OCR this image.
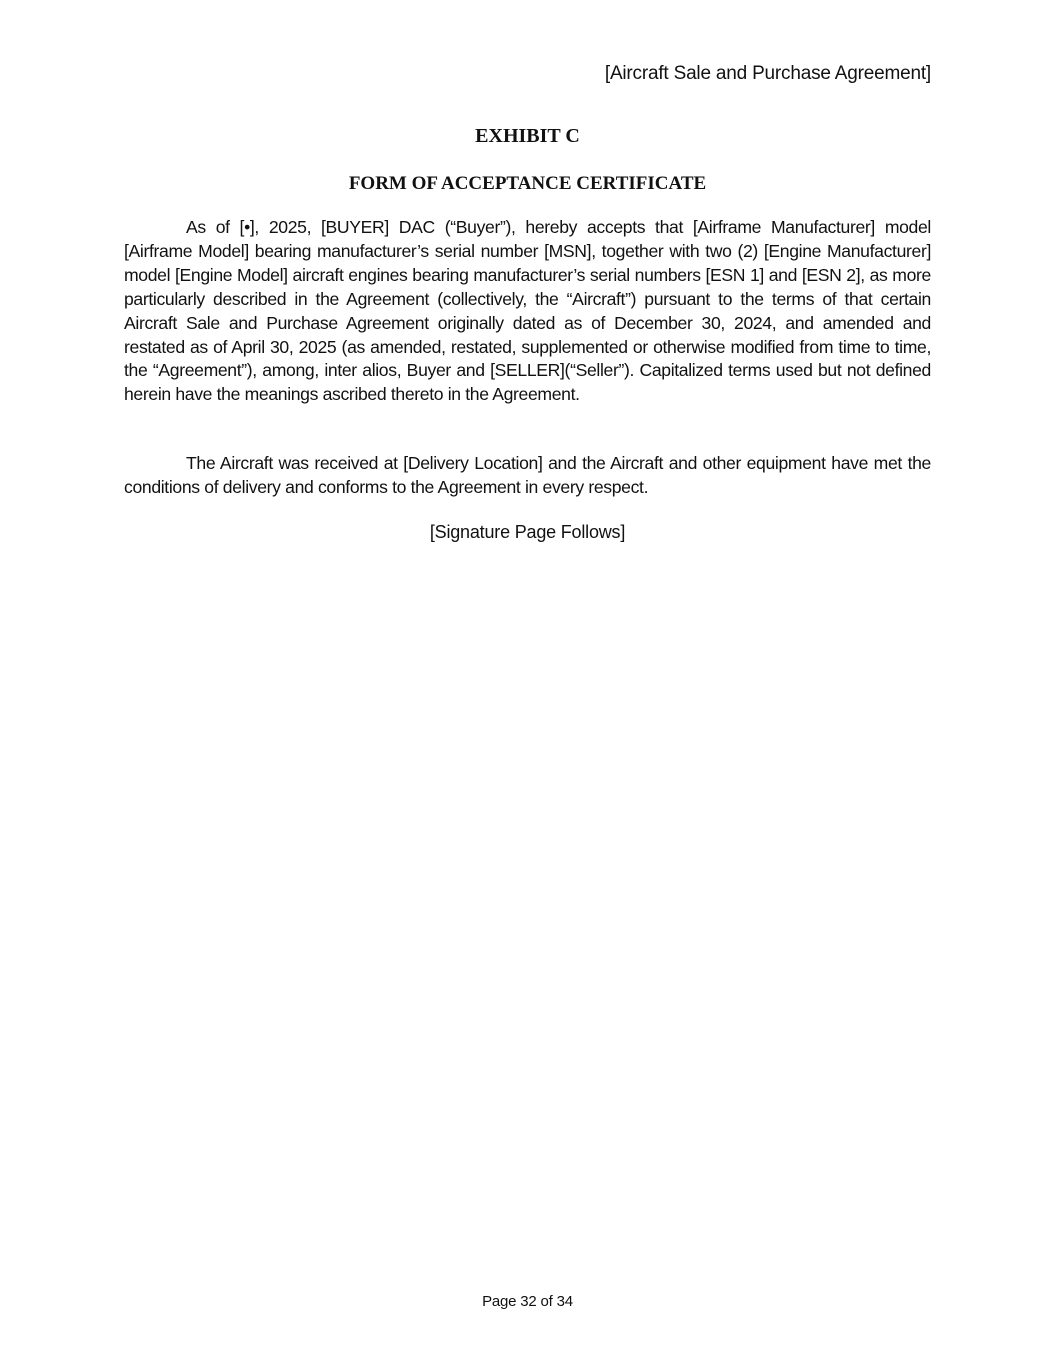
[Aircraft Sale and Purchase Agreement]
EXHIBIT C
FORM OF ACCEPTANCE CERTIFICATE

As of [•], 2025, [BUYER] DAC (“Buyer”), hereby accepts that [Airframe Manufacturer] model [Airframe Model] bearing manufacturer’s serial number [MSN], together with two (2) [Engine Manufacturer] model [Engine Model] aircraft engines bearing manufacturer’s serial numbers [ESN 1] and [ESN 2], as more particularly described in the Agreement (collectively, the “Aircraft”) pursuant to the terms of that certain Aircraft Sale and Purchase Agreement originally dated as of December 30, 2024, and amended and restated as of April 30, 2025 (as amended, restated, supplemented or otherwise modified from time to time, the “Agreement”), among, inter alios, Buyer and [SELLER](“Seller”). Capitalized terms used but not defined herein have the meanings ascribed thereto in the Agreement.

The Aircraft was received at [Delivery Location] and the Aircraft and other equipment have met the conditions of delivery and conforms to the Agreement in every respect.

[Signature Page Follows]
Page 32 of 34
